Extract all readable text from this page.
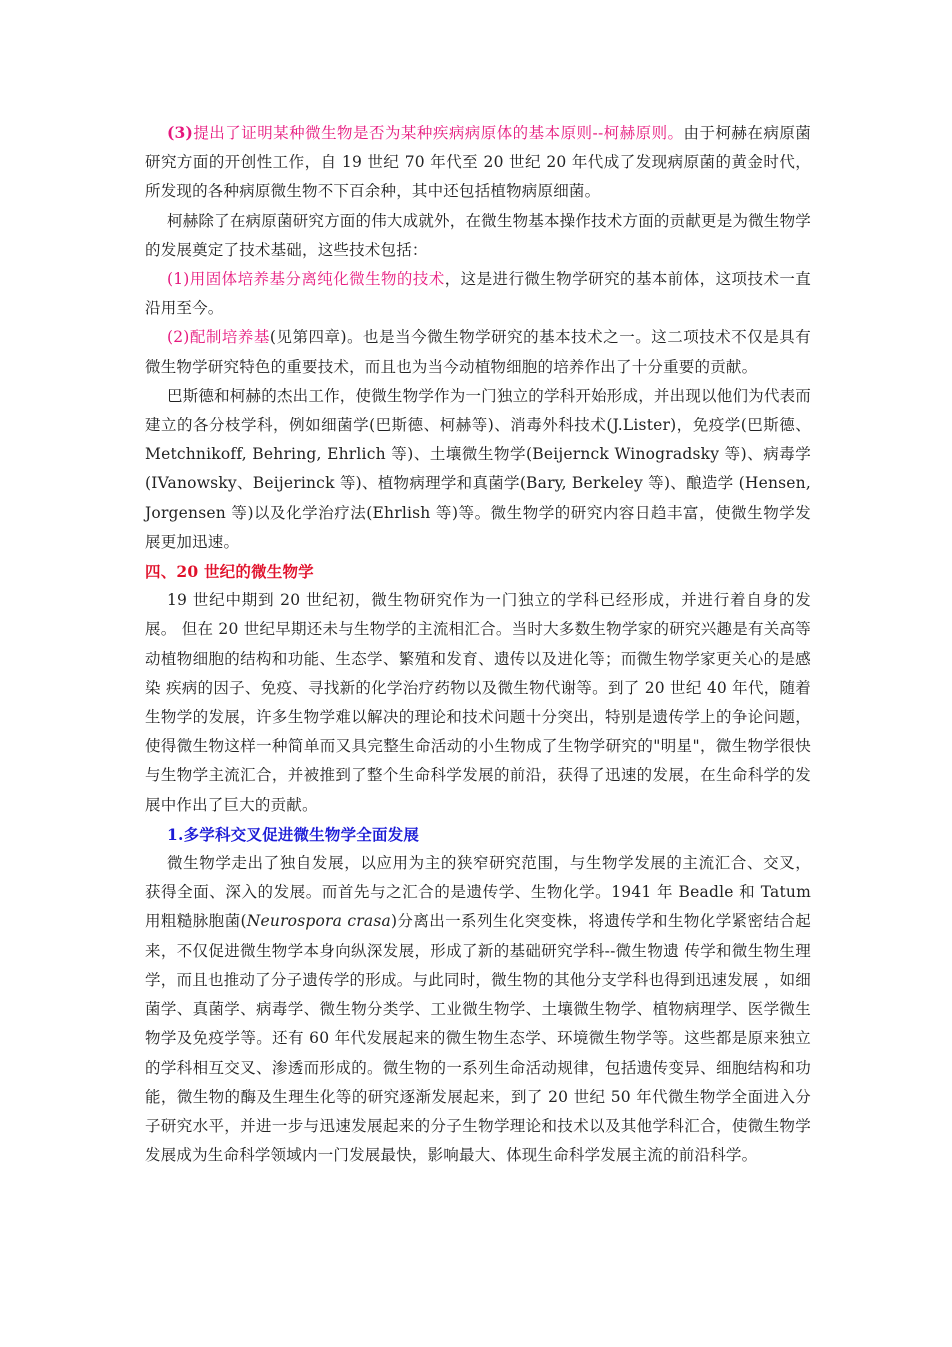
(3)提出了证明某种微生物是否为某种疾病病原体的基本原则--柯赫原则。由于柯赫在病原菌研究方面的开创性工作，自 19 世纪 70 年代至 20 世纪 20 年代成了发现病原菌的黄金时代，所发现的各种病原微生物不下百余种，其中还包括植物病原细菌。

柯赫除了在病原菌研究方面的伟大成就外，在微生物基本操作技术方面的贡献更是为微生物学的发展奠定了技术基础，这些技术包括：

(1)用固体培养基分离纯化微生物的技术，这是进行微生物学研究的基本前体，这项技术一直沿用至今。

(2)配制培养基(见第四章)。也是当今微生物学研究的基本技术之一。这二项技术不仅是具有微生物学研究特色的重要技术，而且也为当今动植物细胞的培养作出了十分重要的贡献。

巴斯德和柯赫的杰出工作，使微生物学作为一门独立的学科开始形成，并出现以他们为代表而建立的各分枝学科，例如细菌学(巴斯德、柯赫等)、消毒外科技术(J.Lister)，免疫学(巴斯德、Metchnikoff, Behring, Ehrlich 等)、土壤微生物学(Beijernck Winogradsky 等)、病毒学(IVanowsky、Beijerinck 等)、植物病理学和真菌学(Bary, Berkeley 等)、酿造学 (Hensen, Jorgensen 等)以及化学治疗法(Ehrlish 等)等。微生物学的研究内容日趋丰富，使微生物学发展更加迅速。

四、20 世纪的微生物学

19 世纪中期到 20 世纪初，微生物研究作为一门独立的学科已经形成，并进行着自身的发展。 但在 20 世纪早期还未与生物学的主流相汇合。当时大多数生物学家的研究兴趣是有关高等动植物细胞的结构和功能、生态学、繁殖和发育、遗传以及进化等；而微生物学家更关心的是感染 疾病的因子、免疫、寻找新的化学治疗药物以及微生物代谢等。到了 20 世纪 40 年代，随着生物学的发展，许多生物学难以解决的理论和技术问题十分突出，特别是遗传学上的争论问题，使得微生物这样一种简单而又具完整生命活动的小生物成了生物学研究的"明星"，微生物学很快与生物学主流汇合，并被推到了整个生命科学发展的前沿，获得了迅速的发展，在生命科学的发展中作出了巨大的贡献。

1.多学科交叉促进微生物学全面发展

微生物学走出了独自发展，以应用为主的狭窄研究范围，与生物学发展的主流汇合、交叉， 获得全面、深入的发展。而首先与之汇合的是遗传学、生物化学。1941 年 Beadle 和 Tatum 用粗糙脉胞菌(Neurospora crasa)分离出一系列生化突变株，将遗传学和生物化学紧密结合起来，不仅促进微生物学本身向纵深发展，形成了新的基础研究学科--微生物遗 传学和微生物生理学，而且也推动了分子遗传学的形成。与此同时，微生物的其他分支学科也得到迅速发展 ，如细菌学、真菌学、病毒学、微生物分类学、工业微生物学、土壤微生物学、植物病理学、医学微生物学及免疫学等。还有 60 年代发展起来的微生物生态学、环境微生物学等。这些都是原来独立的学科相互交叉、渗透而形成的。微生物的一系列生命活动规律，包括遗传变异、细胞结构和功能，微生物的酶及生理生化等的研究逐渐发展起来，到了 20 世纪 50 年代微生物学全面进入分子研究水平，并进一步与迅速发展起来的分子生物学理论和技术以及其他学科汇合，使微生物学发展成为生命科学领域内一门发展最快，影响最大、体现生命科学发展主流的前沿科学。
